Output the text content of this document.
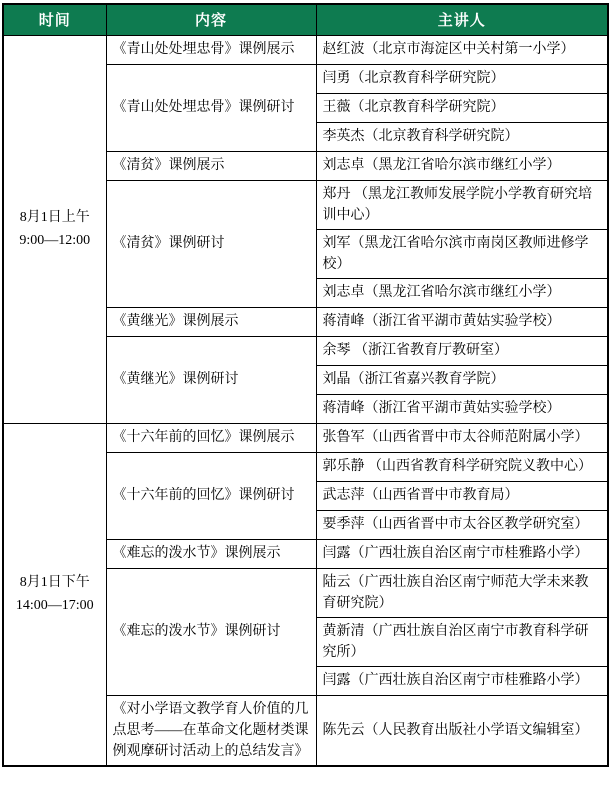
时间	内容	主讲人

8月1日上午
9:00—12:00	《青山处处埋忠骨》课例展示	赵红波（北京市海淀区中关村第一小学）
	《青山处处埋忠骨》课例研讨	闫勇（北京教育科学研究院）
		王薇（北京教育科学研究院）
		李英杰（北京教育科学研究院）
	《清贫》课例展示	刘志卓（黑龙江省哈尔滨市继红小学）
	《清贫》课例研讨	郑丹 （黑龙江教师发展学院小学教育研究培训中心）
		刘军（黑龙江省哈尔滨市南岗区教师进修学校）
		刘志卓（黑龙江省哈尔滨市继红小学）
	《黄继光》课例展示	蒋清峰（浙江省平湖市黄姑实验学校）
	《黄继光》课例研讨	余琴 （浙江省教育厅教研室）
		刘晶（浙江省嘉兴教育学院）
		蒋清峰（浙江省平湖市黄姑实验学校）

8月1日下午
14:00—17:00	《十六年前的回忆》课例展示	张鲁军（山西省晋中市太谷师范附属小学）
	《十六年前的回忆》课例研讨	郭乐静 （山西省教育科学研究院义教中心）
		武志萍（山西省晋中市教育局）
		要季萍（山西省晋中市太谷区教学研究室）
	《难忘的泼水节》课例展示	闫露（广西壮族自治区南宁市桂雅路小学）
	《难忘的泼水节》课例研讨	陆云（广西壮族自治区南宁师范大学未来教育研究院）
		黄新清（广西壮族自治区南宁市教育科学研究所）
		闫露（广西壮族自治区南宁市桂雅路小学）
	《对小学语文教学育人价值的几点思考——在革命文化题材类课例观摩研讨活动上的总结发言》	陈先云（人民教育出版社小学语文编辑室）
